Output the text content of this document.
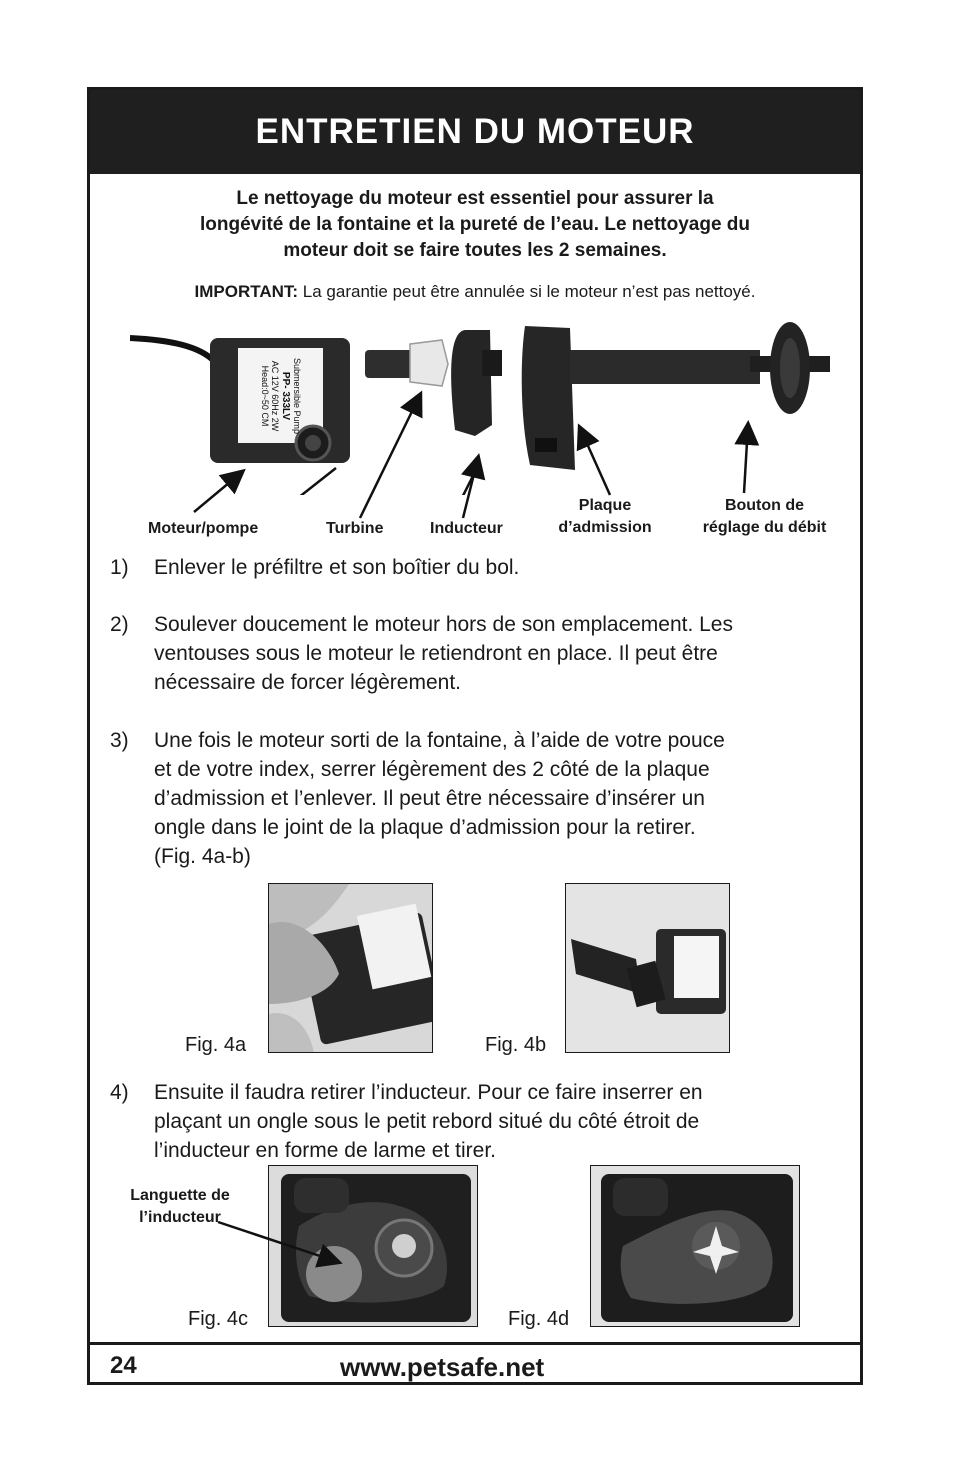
ENTRETIEN DU MOTEUR
Le nettoyage du moteur est essentiel pour assurer la
longévité de la fontaine et la pureté de l’eau. Le nettoyage du
moteur doit se faire toutes les 2 semaines.
IMPORTANT: La garantie peut être annulée si le moteur n’est pas nettoyé.
Submersible Pump
PP- 333LV
AC 12V 60Hz 2W
Head:0~50 CM
Moteur/pompe	Turbine	Inducteur
Plaque
d’admission
Bouton de
réglage du débit
1) Enlever le préfiltre et son boîtier du bol.
2) Soulever doucement le moteur hors de son emplacement. Les
ventouses sous le moteur le retiendront en place. Il peut être
nécessaire de forcer légèrement.
3) Une fois le moteur sorti de la fontaine, à l’aide de votre pouce
et de votre index, serrer légèrement des 2 côté de la plaque
d’admission et l’enlever. Il peut être nécessaire d’insérer un
ongle dans le joint de la plaque d’admission pour la retirer.
(Fig. 4a-b)
Fig. 4a	Fig. 4b
4) Ensuite il faudra retirer l’inducteur. Pour ce faire inserrer en
plaçant un ongle sous le petit rebord situé du côté étroit de
l’inducteur en forme de larme et tirer.
Languette de
l’inducteur
Fig. 4c	Fig. 4d
24	www.petsafe.net
